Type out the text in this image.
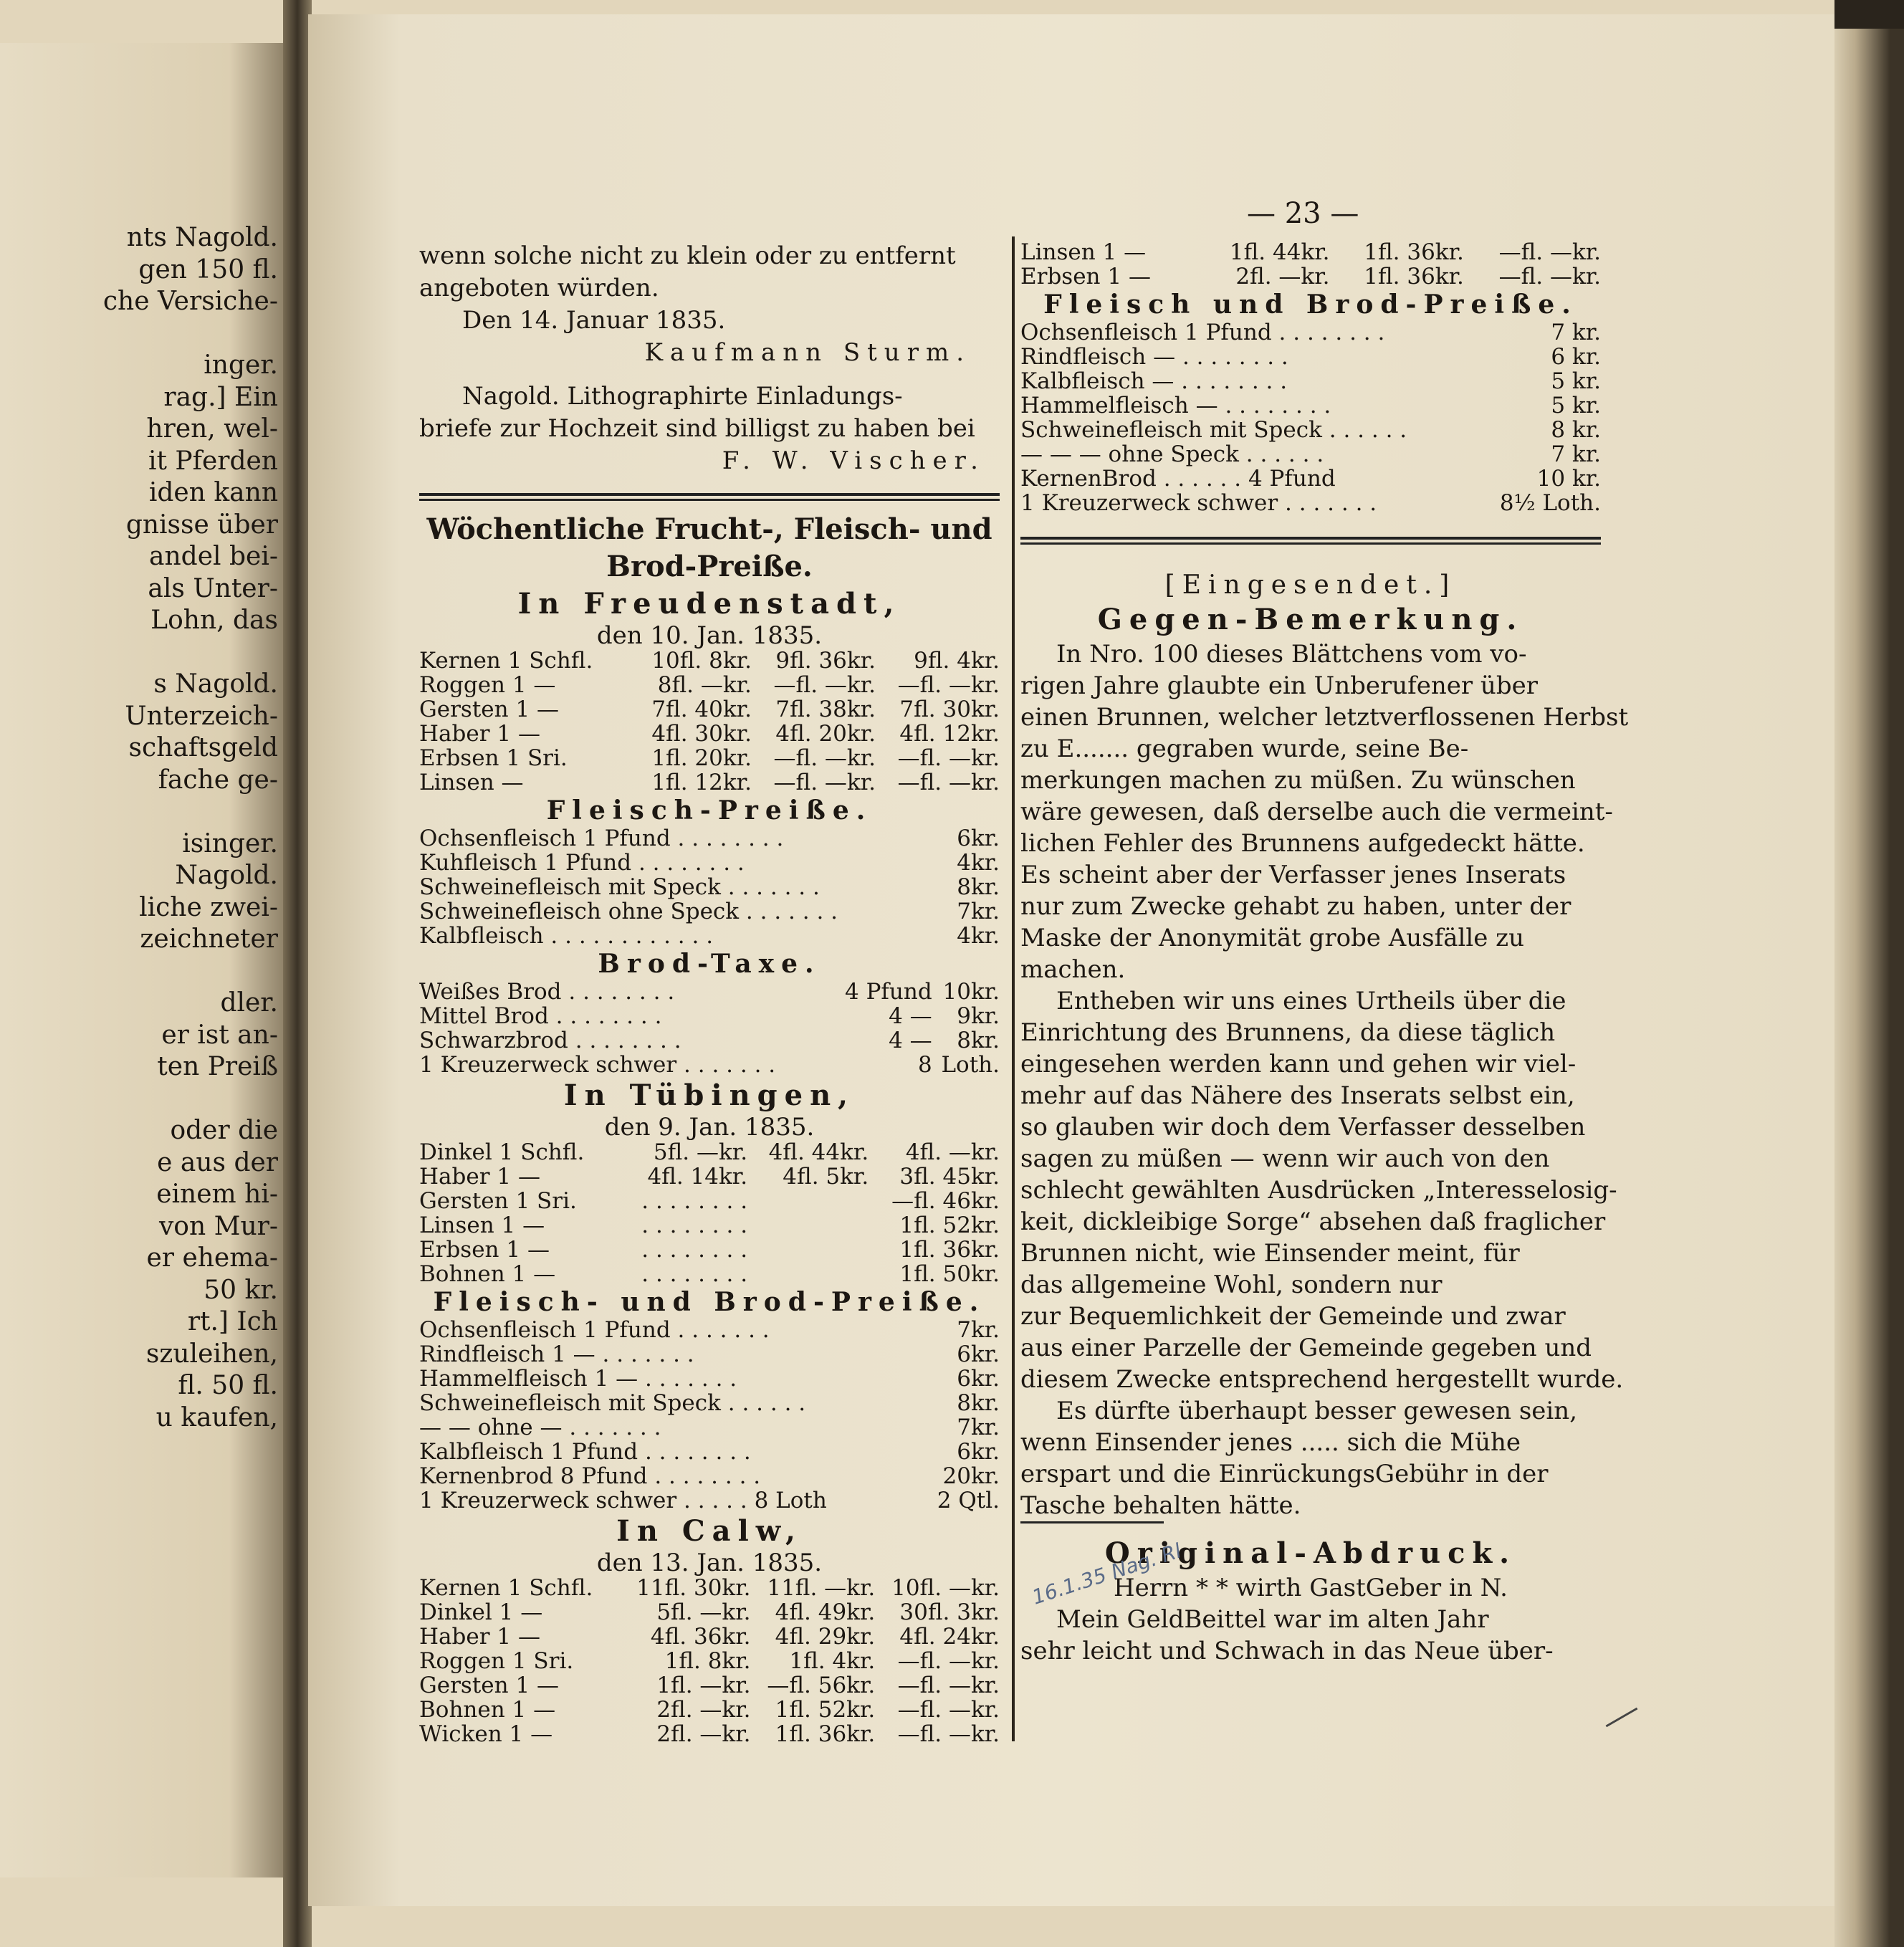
nts Nagold.
gen 150 fl.
che Versiche-
inger.
rag.] Ein
hren, wel-
it Pferden
iden kann
gnisse über
andel bei-
als Unter-
Lohn, das
s Nagold.
Unterzeich-
schaftsgeld
fache ge-
isinger.
Nagold.
liche zwei-
zeichneter
dler.
er ist an-
ten Preiß
oder die
e aus der
einem hi-
von Mur-
er ehema-
50 kr.
rt.] Ich
szuleihen,
fl. 50 fl.
u kaufen,
— 23 —

wenn solche nicht zu klein oder zu entfernt

angeboten würden.

Den 14. Januar 1835.

Kaufmann Sturm.

Nagold. Lithographirte Einladungs-

briefe zur Hochzeit sind billigst zu haben bei

F. W. Vischer.

Wöchentliche Frucht-, Fleisch- und

Brod-Preiße.

In Freudenstadt,

den 10. Jan. 1835.

Kernen 1 Schfl.	10fl. 8kr.	9fl. 36kr.	9fl. 4kr.
Roggen 1 —	8fl. —kr.	—fl. —kr.	—fl. —kr.
Gersten 1 —	7fl. 40kr.	7fl. 38kr.	7fl. 30kr.
Haber 1 —	4fl. 30kr.	4fl. 20kr.	4fl. 12kr.
Erbsen 1 Sri.	1fl. 20kr.	—fl. —kr.	—fl. —kr.
Linsen —	1fl. 12kr.	—fl. —kr.	—fl. —kr.

Fleisch-Preiße.

Ochsenfleisch 1 Pfund . . . . . . . .	6kr.
Kuhfleisch 1 Pfund . . . . . . . .	4kr.
Schweinefleisch mit Speck . . . . . . .	8kr.
Schweinefleisch ohne Speck . . . . . . .	7kr.
Kalbfleisch . . . . . . . . . . . .	4kr.

Brod-Taxe.

Weißes Brod . . . . . . . .	4 Pfund	10kr.
Mittel Brod . . . . . . . .	4 —	9kr.
Schwarzbrod . . . . . . . .	4 —	8kr.
1 Kreuzerweck schwer . . . . . . .	8	Loth.

In Tübingen,

den 9. Jan. 1835.

Dinkel 1 Schfl.	5fl. —kr.	4fl. 44kr.	4fl. —kr.
Haber 1 —	4fl. 14kr.	4fl. 5kr.	3fl. 45kr.
Gersten 1 Sri.	. . . . . . . .		—fl. 46kr.
Linsen 1 —	. . . . . . . .		1fl. 52kr.
Erbsen 1 —	. . . . . . . .		1fl. 36kr.
Bohnen 1 —	. . . . . . . .		1fl. 50kr.

Fleisch- und Brod-Preiße.

Ochsenfleisch 1 Pfund . . . . . . .	7kr.
Rindfleisch 1 — . . . . . . .	6kr.
Hammelfleisch 1 — . . . . . . .	6kr.
Schweinefleisch mit Speck . . . . . .	8kr.
— — ohne — . . . . . . .	7kr.
Kalbfleisch 1 Pfund . . . . . . . .	6kr.
Kernenbrod 8 Pfund . . . . . . . .	20kr.
1 Kreuzerweck schwer . . . . . 8 Loth	2 Qtl.

In Calw,

den 13. Jan. 1835.

Kernen 1 Schfl.	11fl. 30kr.	11fl. —kr.	10fl. —kr.
Dinkel 1 —	5fl. —kr.	4fl. 49kr.	30fl. 3kr.
Haber 1 —	4fl. 36kr.	4fl. 29kr.	4fl. 24kr.
Roggen 1 Sri.	1fl. 8kr.	1fl. 4kr.	—fl. —kr.
Gersten 1 —	1fl. —kr.	—fl. 56kr.	—fl. —kr.
Bohnen 1 —	2fl. —kr.	1fl. 52kr.	—fl. —kr.
Wicken 1 —	2fl. —kr.	1fl. 36kr.	—fl. —kr.
Linsen 1 —	1fl. 44kr.	1fl. 36kr.	—fl. —kr.
Erbsen 1 —	2fl. —kr.	1fl. 36kr.	—fl. —kr.

Fleisch und Brod-Preiße.

Ochsenfleisch 1 Pfund . . . . . . . .	7 kr.
Rindfleisch — . . . . . . . .	6 kr.
Kalbfleisch — . . . . . . . .	5 kr.
Hammelfleisch — . . . . . . . .	5 kr.
Schweinefleisch mit Speck . . . . . .	8 kr.
— — — ohne Speck . . . . . .	7 kr.
KernenBrod . . . . . . 4 Pfund	10 kr.
1 Kreuzerweck schwer . . . . . . .	8½ Loth.

[Eingesendet.]

Gegen-Bemerkung.

In Nro. 100 dieses Blättchens vom vo-
rigen Jahre glaubte ein Unberufener über
einen Brunnen, welcher letztverflossenen Herbst
zu E....... gegraben wurde, seine Be-
merkungen machen zu müßen. Zu wünschen
wäre gewesen, daß derselbe auch die vermeint-
lichen Fehler des Brunnens aufgedeckt hätte.
Es scheint aber der Verfasser jenes Inserats
nur zum Zwecke gehabt zu haben, unter der
Maske der Anonymität grobe Ausfälle zu
machen.
Entheben wir uns eines Urtheils über die
Einrichtung des Brunnens, da diese täglich
eingesehen werden kann und gehen wir viel-
mehr auf das Nähere des Inserats selbst ein,
so glauben wir doch dem Verfasser desselben
sagen zu müßen — wenn wir auch von den
schlecht gewählten Ausdrücken „Interesselosig-
keit, dickleibige Sorge“ absehen daß fraglicher
Brunnen nicht, wie Einsender meint, für
das allgemeine Wohl, sondern nur
zur Bequemlichkeit der Gemeinde und zwar
aus einer Parzelle der Gemeinde gegeben und
diesem Zwecke entsprechend hergestellt wurde.
Es dürfte überhaupt besser gewesen sein,
wenn Einsender jenes ..... sich die Mühe
erspart und die EinrückungsGebühr in der
Tasche behalten hätte.

Original-Abdruck.

Herrn * * wirth GastGeber in N.

Mein GeldBeittel war im alten Jahr
sehr leicht und Schwach in das Neue über-
16.1.35 Nag. Rl
